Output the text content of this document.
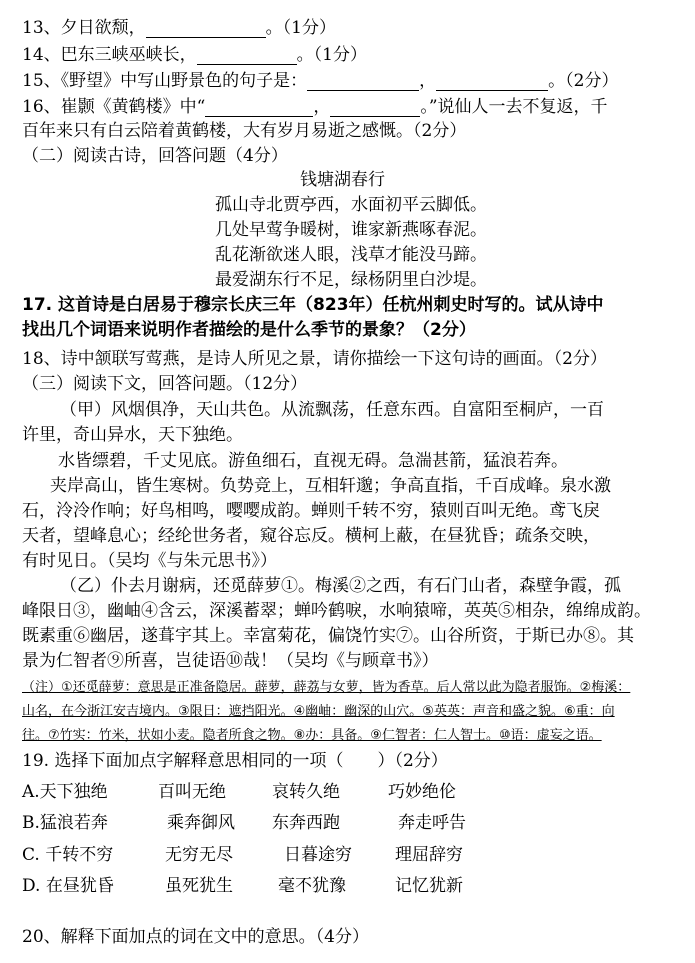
13、夕日欲颓，	。（1分）
14、巴东三峡巫峡长，	。（1分）
15、《野望》中写山野景色的句子是：	，	。（2分）
16、崔颢《黄鹤楼》中“	，	。”说仙人一去不复返，千
百年来只有白云陪着黄鹤楼，大有岁月易逝之感慨。（2分）
（二）阅读古诗，回答问题（4分）
钱塘湖春行
孤山寺北贾亭西，水面初平云脚低。
几处早莺争暖树，谁家新燕啄春泥。
乱花渐欲迷人眼，浅草才能没马蹄。
最爱湖东行不足，绿杨阴里白沙堤。
17. 这首诗是白居易于穆宗长庆三年（823年）任杭州刺史时写的。试从诗中
找出几个词语来说明作者描绘的是什么季节的景象？（2分）
18、诗中颔联写莺燕，是诗人所见之景，请你描绘一下这句诗的画面。（2分）
（三）阅读下文，回答问题。（12分）
（甲）风烟俱净，天山共色。从流飘荡，任意东西。自富阳至桐庐，一百
许里，奇山异水，天下独绝。
水皆缥碧，千丈见底。游鱼细石，直视无碍。急湍甚箭，猛浪若奔。
夹岸高山，皆生寒树。负势竞上，互相轩邈；争高直指，千百成峰。泉水激
石，泠泠作响；好鸟相鸣，嘤嘤成韵。蝉则千转不穷，猿则百叫无绝。鸢飞戾
天者，望峰息心；经纶世务者，窥谷忘反。横柯上蔽，在昼犹昏；疏条交映，
有时见日。（吴均《与朱元思书》）
（乙）仆去月谢病，还觅薛萝①。梅溪②之西，有石门山者，森壁争霞，孤
峰限日③，幽岫④含云，深溪蓄翠；蝉吟鹤唳，水响猿啼，英英⑤相杂，绵绵成韵。
既素重⑥幽居，遂葺宇其上。幸富菊花，偏饶竹实⑦。山谷所资，于斯已办⑧。其
景为仁智者⑨所喜，岂徒语⑩哉！（吴均《与顾章书》）
（注）①还觅薛萝：意思是正准备隐居。薜萝，薜荔与女萝，皆为香草。后人常以此为隐者服饰。②梅溪：
山名，在今浙江安吉境内。③限日：遮挡阳光。④幽岫：幽深的山穴。⑤英英：声音和盛之貌。⑥重：向
往。⑦竹实：竹米，状如小麦。隐者所食之物。⑧办：具备。⑨仁智者：仁人智士。⑩语：虚妄之语。
19. 选择下面加点字解释意思相同的一项（　　）（2分）
A.天下独绝	百叫无绝	哀转久绝	巧妙绝伦
B.猛浪若奔	乘奔御风 东奔西跑	奔走呼告
C. 千转不穷	无穷无尽	日暮途穷	理屈辞穷
D. 在昼犹昏	虽死犹生	毫不犹豫	记忆犹新
20、解释下面加点的词在文中的意思。（4分）
